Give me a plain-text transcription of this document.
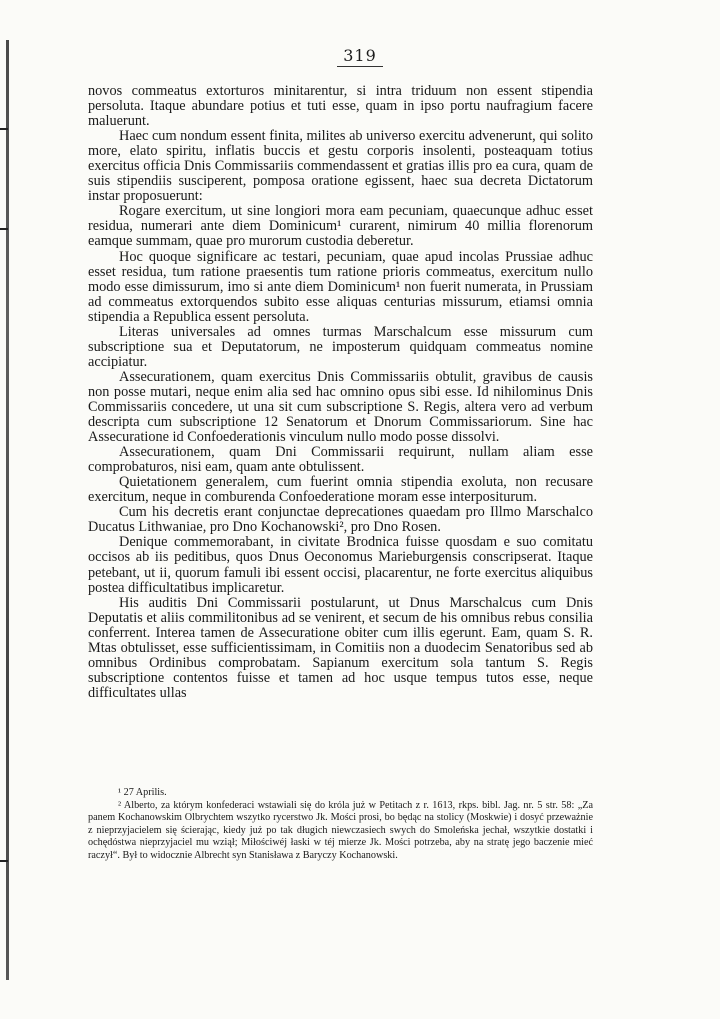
319

novos commeatus extorturos minitarentur, si intra triduum non essent stipendia persoluta. Itaque abundare potius et tuti esse, quam in ipso portu naufragium facere maluerunt.

Haec cum nondum essent finita, milites ab universo exercitu advenerunt, qui solito more, elato spiritu, inflatis buccis et gestu corporis insolenti, posteaquam totius exercitus officia Dnis Commissariis commendassent et gratias illis pro ea cura, quam de suis stipendiis susciperent, pomposa oratione egissent, haec sua decreta Dictatorum instar proposuerunt:

Rogare exercitum, ut sine longiori mora eam pecuniam, quaecunque adhuc esset residua, numerari ante diem Dominicum¹ curarent, nimirum 40 millia florenorum eamque summam, quae pro murorum custodia deberetur.

Hoc quoque significare ac testari, pecuniam, quae apud incolas Prussiae adhuc esset residua, tum ratione praesentis tum ratione prioris commeatus, exercitum nullo modo esse dimissurum, imo si ante diem Dominicum¹ non fuerit numerata, in Prussiam ad commeatus extorquendos subito esse aliquas centurias missurum, etiamsi omnia stipendia a Republica essent persoluta.

Literas universales ad omnes turmas Marschalcum esse missurum cum subscriptione sua et Deputatorum, ne imposterum quidquam commeatus nomine accipiatur.

Assecurationem, quam exercitus Dnis Commissariis obtulit, gravibus de causis non posse mutari, neque enim alia sed hac omnino opus sibi esse. Id nihilominus Dnis Commissariis concedere, ut una sit cum subscriptione S. Regis, altera vero ad verbum descripta cum subscriptione 12 Senatorum et Dnorum Commissariorum. Sine hac Assecuratione id Confoederationis vinculum nullo modo posse dissolvi.

Assecurationem, quam Dni Commissarii requirunt, nullam aliam esse comprobaturos, nisi eam, quam ante obtulissent.

Quietationem generalem, cum fuerint omnia stipendia exoluta, non recusare exercitum, neque in comburenda Confoederatione moram esse interpositurum.

Cum his decretis erant conjunctae deprecationes quaedam pro Illmo Marschalco Ducatus Lithwaniae, pro Dno Kochanowski², pro Dno Rosen.

Denique commemorabant, in civitate Brodnica fuisse quosdam e suo comitatu occisos ab iis peditibus, quos Dnus Oeconomus Marieburgensis conscripserat. Itaque petebant, ut ii, quorum famuli ibi essent occisi, placarentur, ne forte exercitus aliquibus postea difficultatibus implicaretur.

His auditis Dni Commissarii postularunt, ut Dnus Marschalcus cum Dnis Deputatis et aliis commilitonibus ad se venirent, et secum de his omnibus rebus consilia conferrent. Interea tamen de Assecuratione obiter cum illis egerunt. Eam, quam S. R. Mtas obtulisset, esse sufficientissimam, in Comitiis non a duodecim Senatoribus sed ab omnibus Ordinibus comprobatam. Sapianum exercitum sola tantum S. Regis subscriptione contentos fuisse et tamen ad hoc usque tempus tutos esse, neque difficultates ullas

¹ 27 Aprilis.

² Alberto, za którym konfederaci wstawiali się do króla już w Petitach z r. 1613, rkps. bibl. Jag. nr. 5 str. 58: „Za panem Kochanowskim Olbrychtem wszytko rycerstwo Jk. Mości prosi, bo będąc na stolicy (Moskwie) i dosyć przeważnie z nieprzyjacielem się ścierając, kiedy już po tak długich niewczasiech swych do Smoleńska jechał, wszytkie dostatki i ochędóstwa nieprzyjaciel mu wziął; Miłościwéj łaski w téj mierze Jk. Mości potrzeba, aby na stratę jego baczenie mieć raczył“. Był to widocznie Albrecht syn Stanisława z Baryczy Kochanowski.
